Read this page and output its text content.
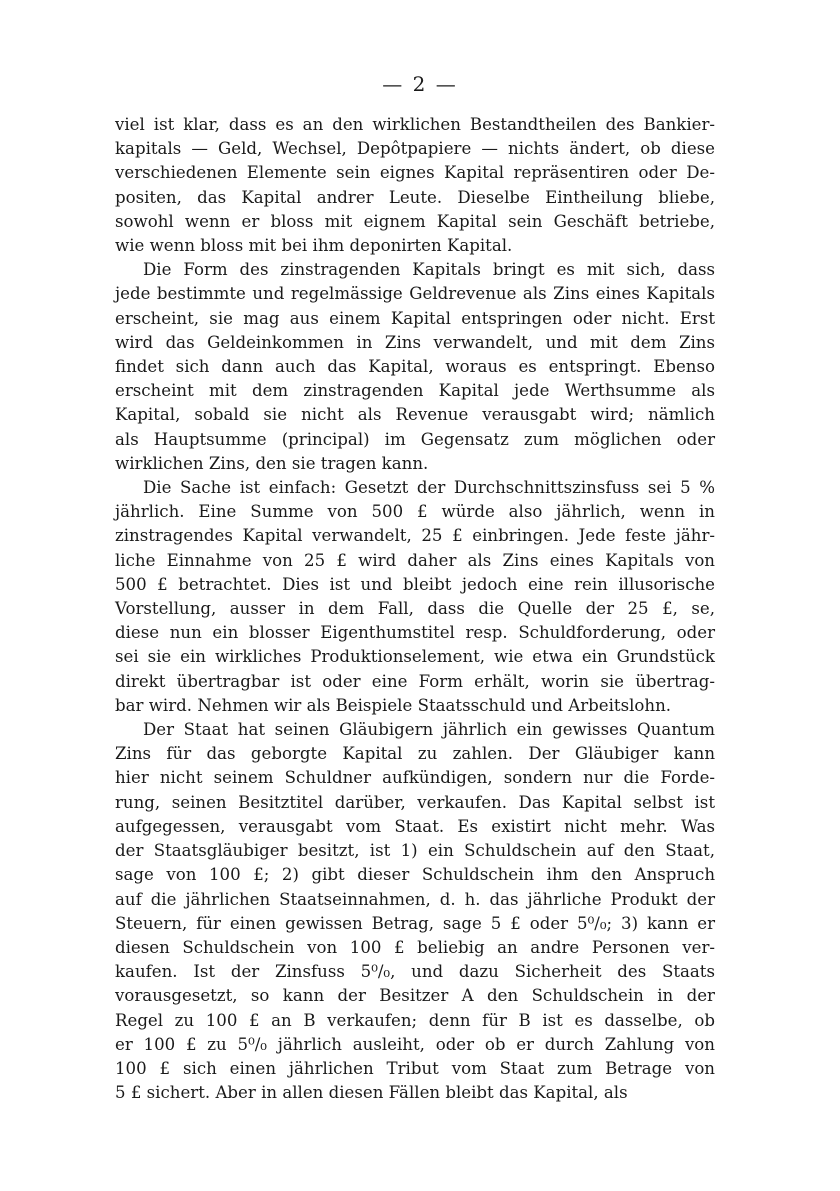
— 2 —
viel ist klar, dass es an den wirklichen Bestandtheilen des Bankier-
kapitals — Geld, Wechsel, Depôtpapiere — nichts ändert, ob diese
verschiedenen Elemente sein eignes Kapital repräsentiren oder De-
positen, das Kapital andrer Leute. Dieselbe Eintheilung bliebe,
sowohl wenn er bloss mit eignem Kapital sein Geschäft betriebe,
wie wenn bloss mit bei ihm deponirten Kapital.
Die Form des zinstragenden Kapitals bringt es mit sich, dass
jede bestimmte und regelmässige Geldrevenue als Zins eines Kapitals
erscheint, sie mag aus einem Kapital entspringen oder nicht. Erst
wird das Geldeinkommen in Zins verwandelt, und mit dem Zins
findet sich dann auch das Kapital, woraus es entspringt. Ebenso
erscheint mit dem zinstragenden Kapital jede Werthsumme als
Kapital, sobald sie nicht als Revenue verausgabt wird; nämlich
als Hauptsumme (principal) im Gegensatz zum möglichen oder
wirklichen Zins, den sie tragen kann.
Die Sache ist einfach: Gesetzt der Durchschnittszinsfuss sei 5 %
jährlich. Eine Summe von 500 £ würde also jährlich, wenn in
zinstragendes Kapital verwandelt, 25 £ einbringen. Jede feste jähr-
liche Einnahme von 25 £ wird daher als Zins eines Kapitals von
500 £ betrachtet. Dies ist und bleibt jedoch eine rein illusorische
Vorstellung, ausser in dem Fall, dass die Quelle der 25 £, se,
diese nun ein blosser Eigenthumstitel resp. Schuldforderung, oder
sei sie ein wirkliches Produktionselement, wie etwa ein Grundstück
direkt übertragbar ist oder eine Form erhält, worin sie übertrag-
bar wird. Nehmen wir als Beispiele Staatsschuld und Arbeitslohn.
Der Staat hat seinen Gläubigern jährlich ein gewisses Quantum
Zins für das geborgte Kapital zu zahlen. Der Gläubiger kann
hier nicht seinem Schuldner aufkündigen, sondern nur die Forde-
rung, seinen Besitztitel darüber, verkaufen. Das Kapital selbst ist
aufgegessen, verausgabt vom Staat. Es existirt nicht mehr. Was
der Staatsgläubiger besitzt, ist 1) ein Schuldschein auf den Staat,
sage von 100 £; 2) gibt dieser Schuldschein ihm den Anspruch
auf die jährlichen Staatseinnahmen, d. h. das jährliche Produkt der
Steuern, für einen gewissen Betrag, sage 5 £ oder 5⁰/₀; 3) kann er
diesen Schuldschein von 100 £ beliebig an andre Personen ver-
kaufen. Ist der Zinsfuss 5⁰/₀, und dazu Sicherheit des Staats
vorausgesetzt, so kann der Besitzer A den Schuldschein in der
Regel zu 100 £ an B verkaufen; denn für B ist es dasselbe, ob
er 100 £ zu 5⁰/₀ jährlich ausleiht, oder ob er durch Zahlung von
100 £ sich einen jährlichen Tribut vom Staat zum Betrage von
5 £ sichert. Aber in allen diesen Fällen bleibt das Kapital, als
